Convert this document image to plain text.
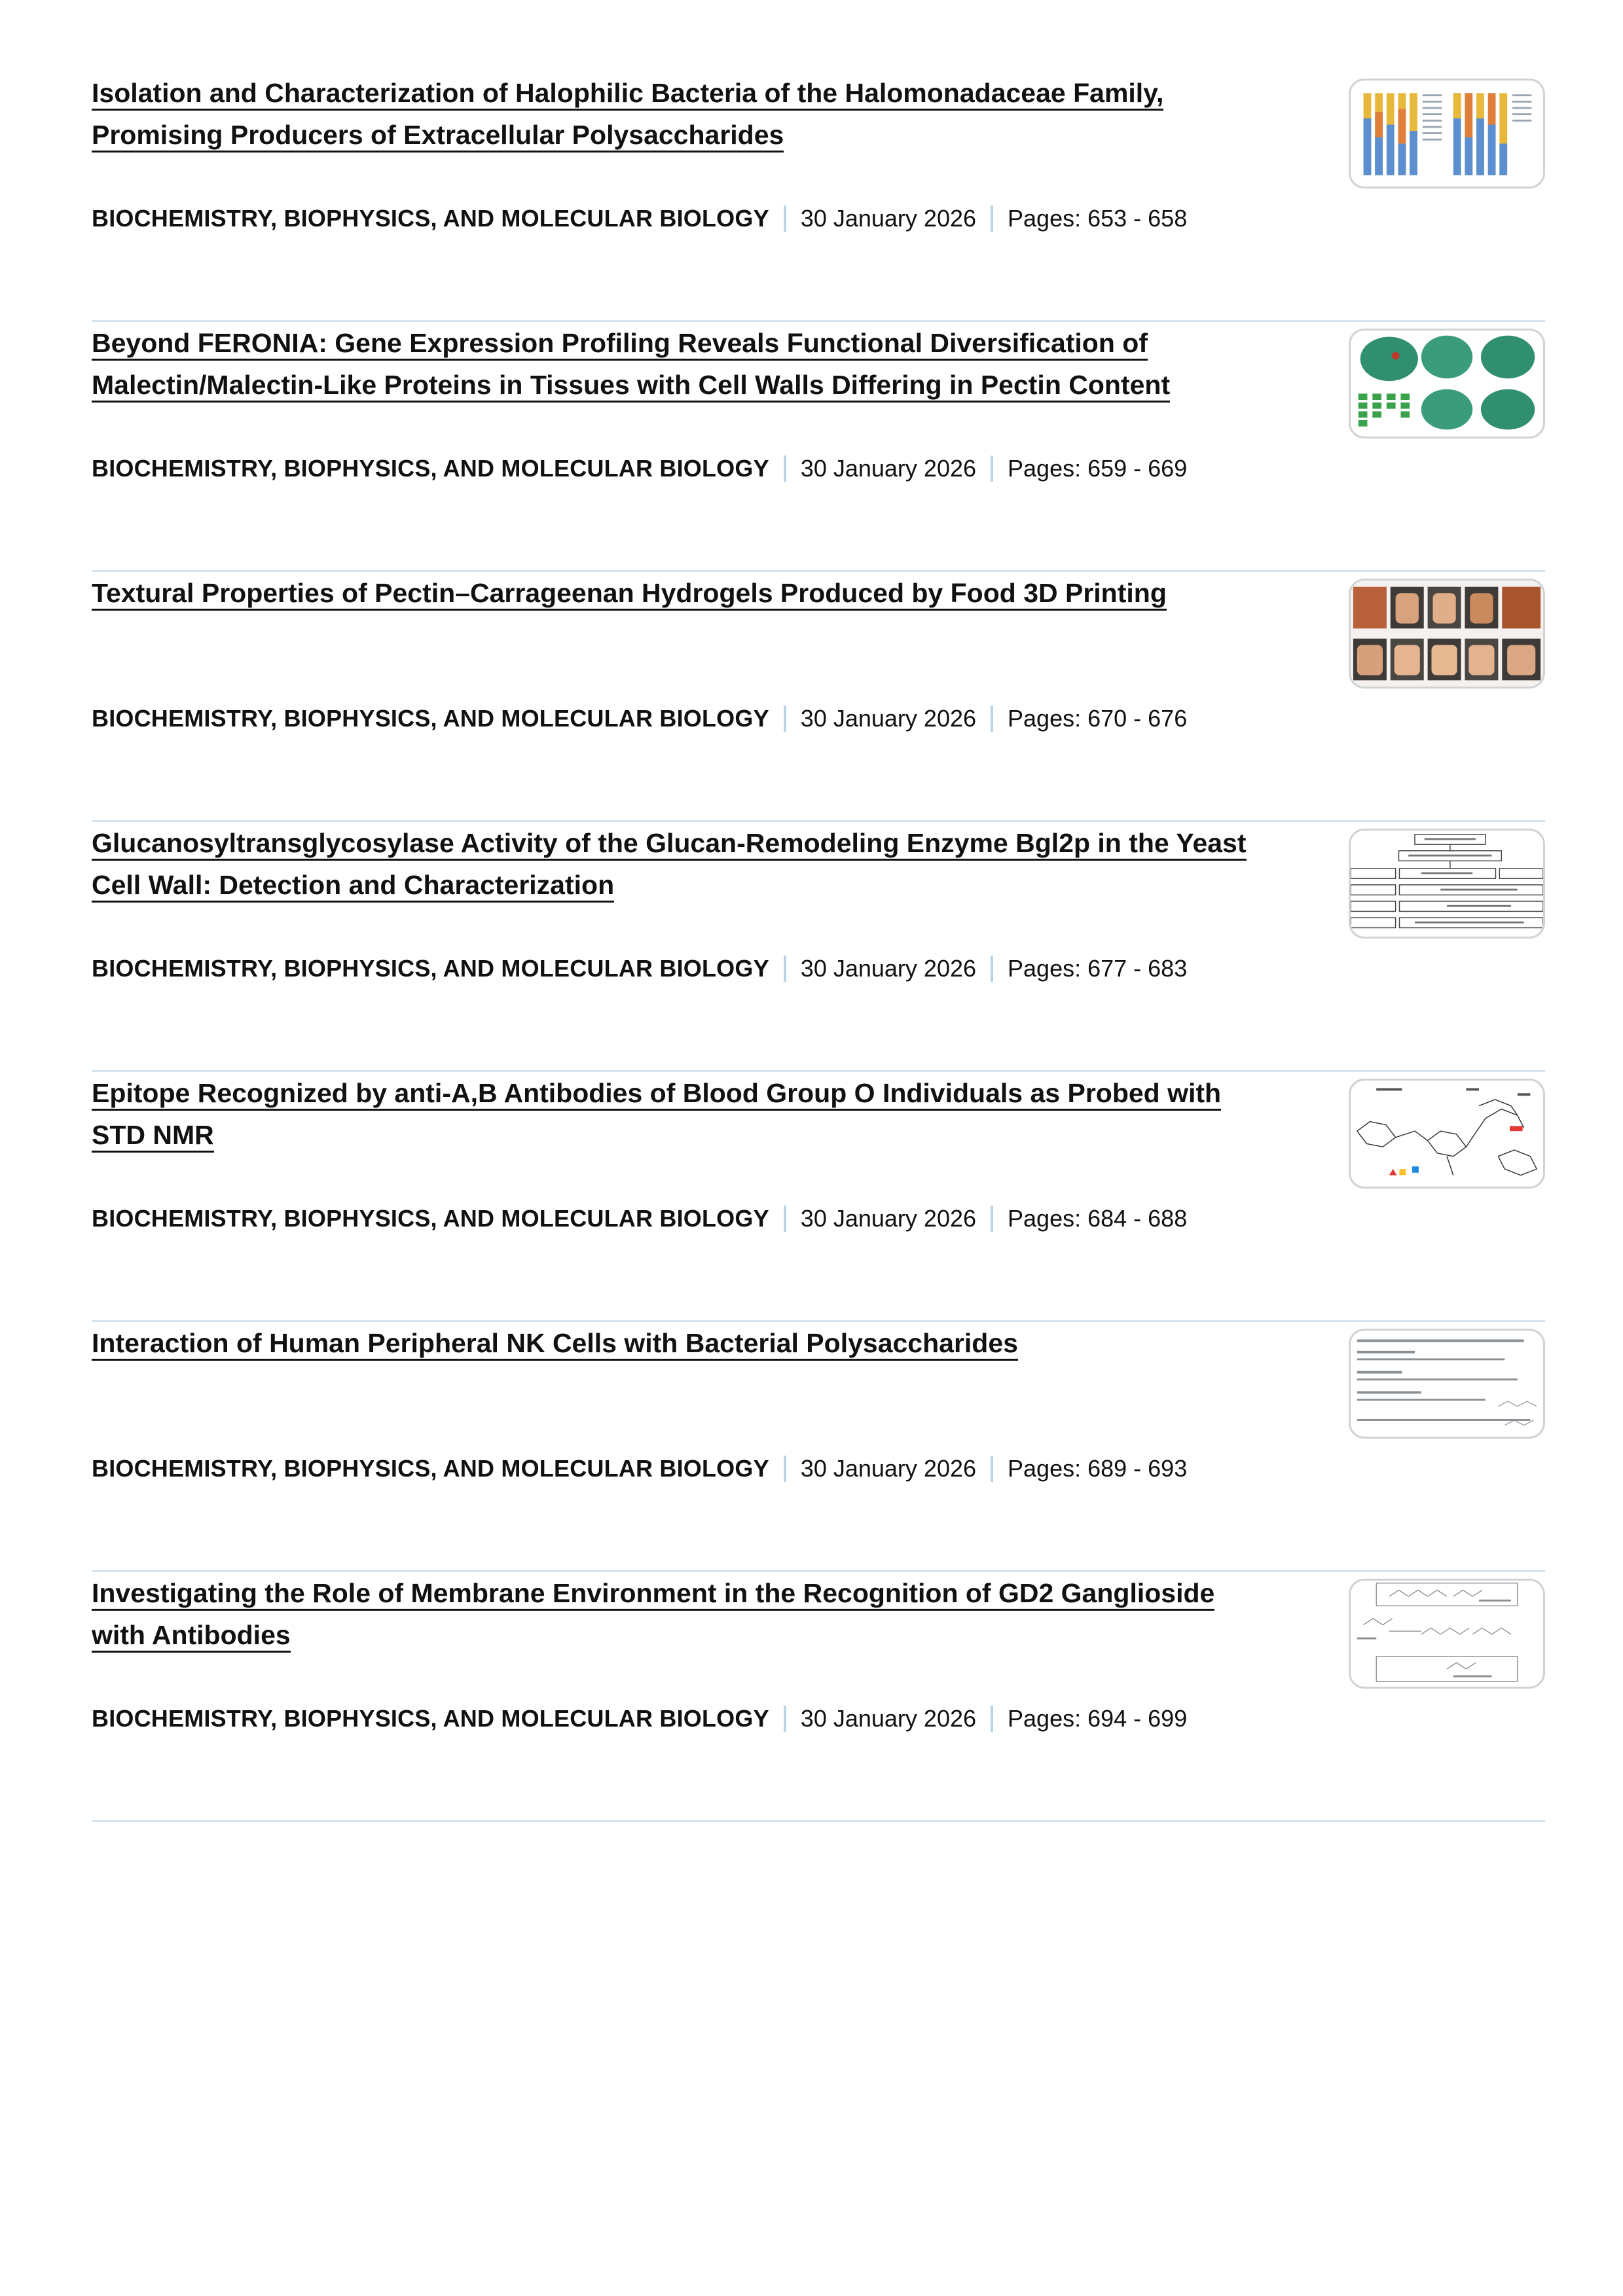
Isolation and Characterization of Halophilic Bacteria of the Halomonadaceae Family,
Promising Producers of Extracellular Polysaccharides
BIOCHEMISTRY, BIOPHYSICS, AND MOLECULAR BIOLOGY 30 January 2026 Pages: 653 - 658
Beyond FERONIA: Gene Expression Profiling Reveals Functional Diversification of
Malectin/Malectin-Like Proteins in Tissues with Cell Walls Differing in Pectin Content
BIOCHEMISTRY, BIOPHYSICS, AND MOLECULAR BIOLOGY 30 January 2026 Pages: 659 - 669
Textural Properties of Pectin–Carrageenan Hydrogels Produced by Food 3D Printing
BIOCHEMISTRY, BIOPHYSICS, AND MOLECULAR BIOLOGY 30 January 2026 Pages: 670 - 676
Glucanosyltransglycosylase Activity of the Glucan-Remodeling Enzyme Bgl2p in the Yeast
Cell Wall: Detection and Characterization
BIOCHEMISTRY, BIOPHYSICS, AND MOLECULAR BIOLOGY 30 January 2026 Pages: 677 - 683
Epitope Recognized by anti-A,B Antibodies of Blood Group O Individuals as Probed with
STD NMR
BIOCHEMISTRY, BIOPHYSICS, AND MOLECULAR BIOLOGY 30 January 2026 Pages: 684 - 688
Interaction of Human Peripheral NK Cells with Bacterial Polysaccharides
BIOCHEMISTRY, BIOPHYSICS, AND MOLECULAR BIOLOGY 30 January 2026 Pages: 689 - 693
Investigating the Role of Membrane Environment in the Recognition of GD2 Ganglioside
with Antibodies
BIOCHEMISTRY, BIOPHYSICS, AND MOLECULAR BIOLOGY 30 January 2026 Pages: 694 - 699
